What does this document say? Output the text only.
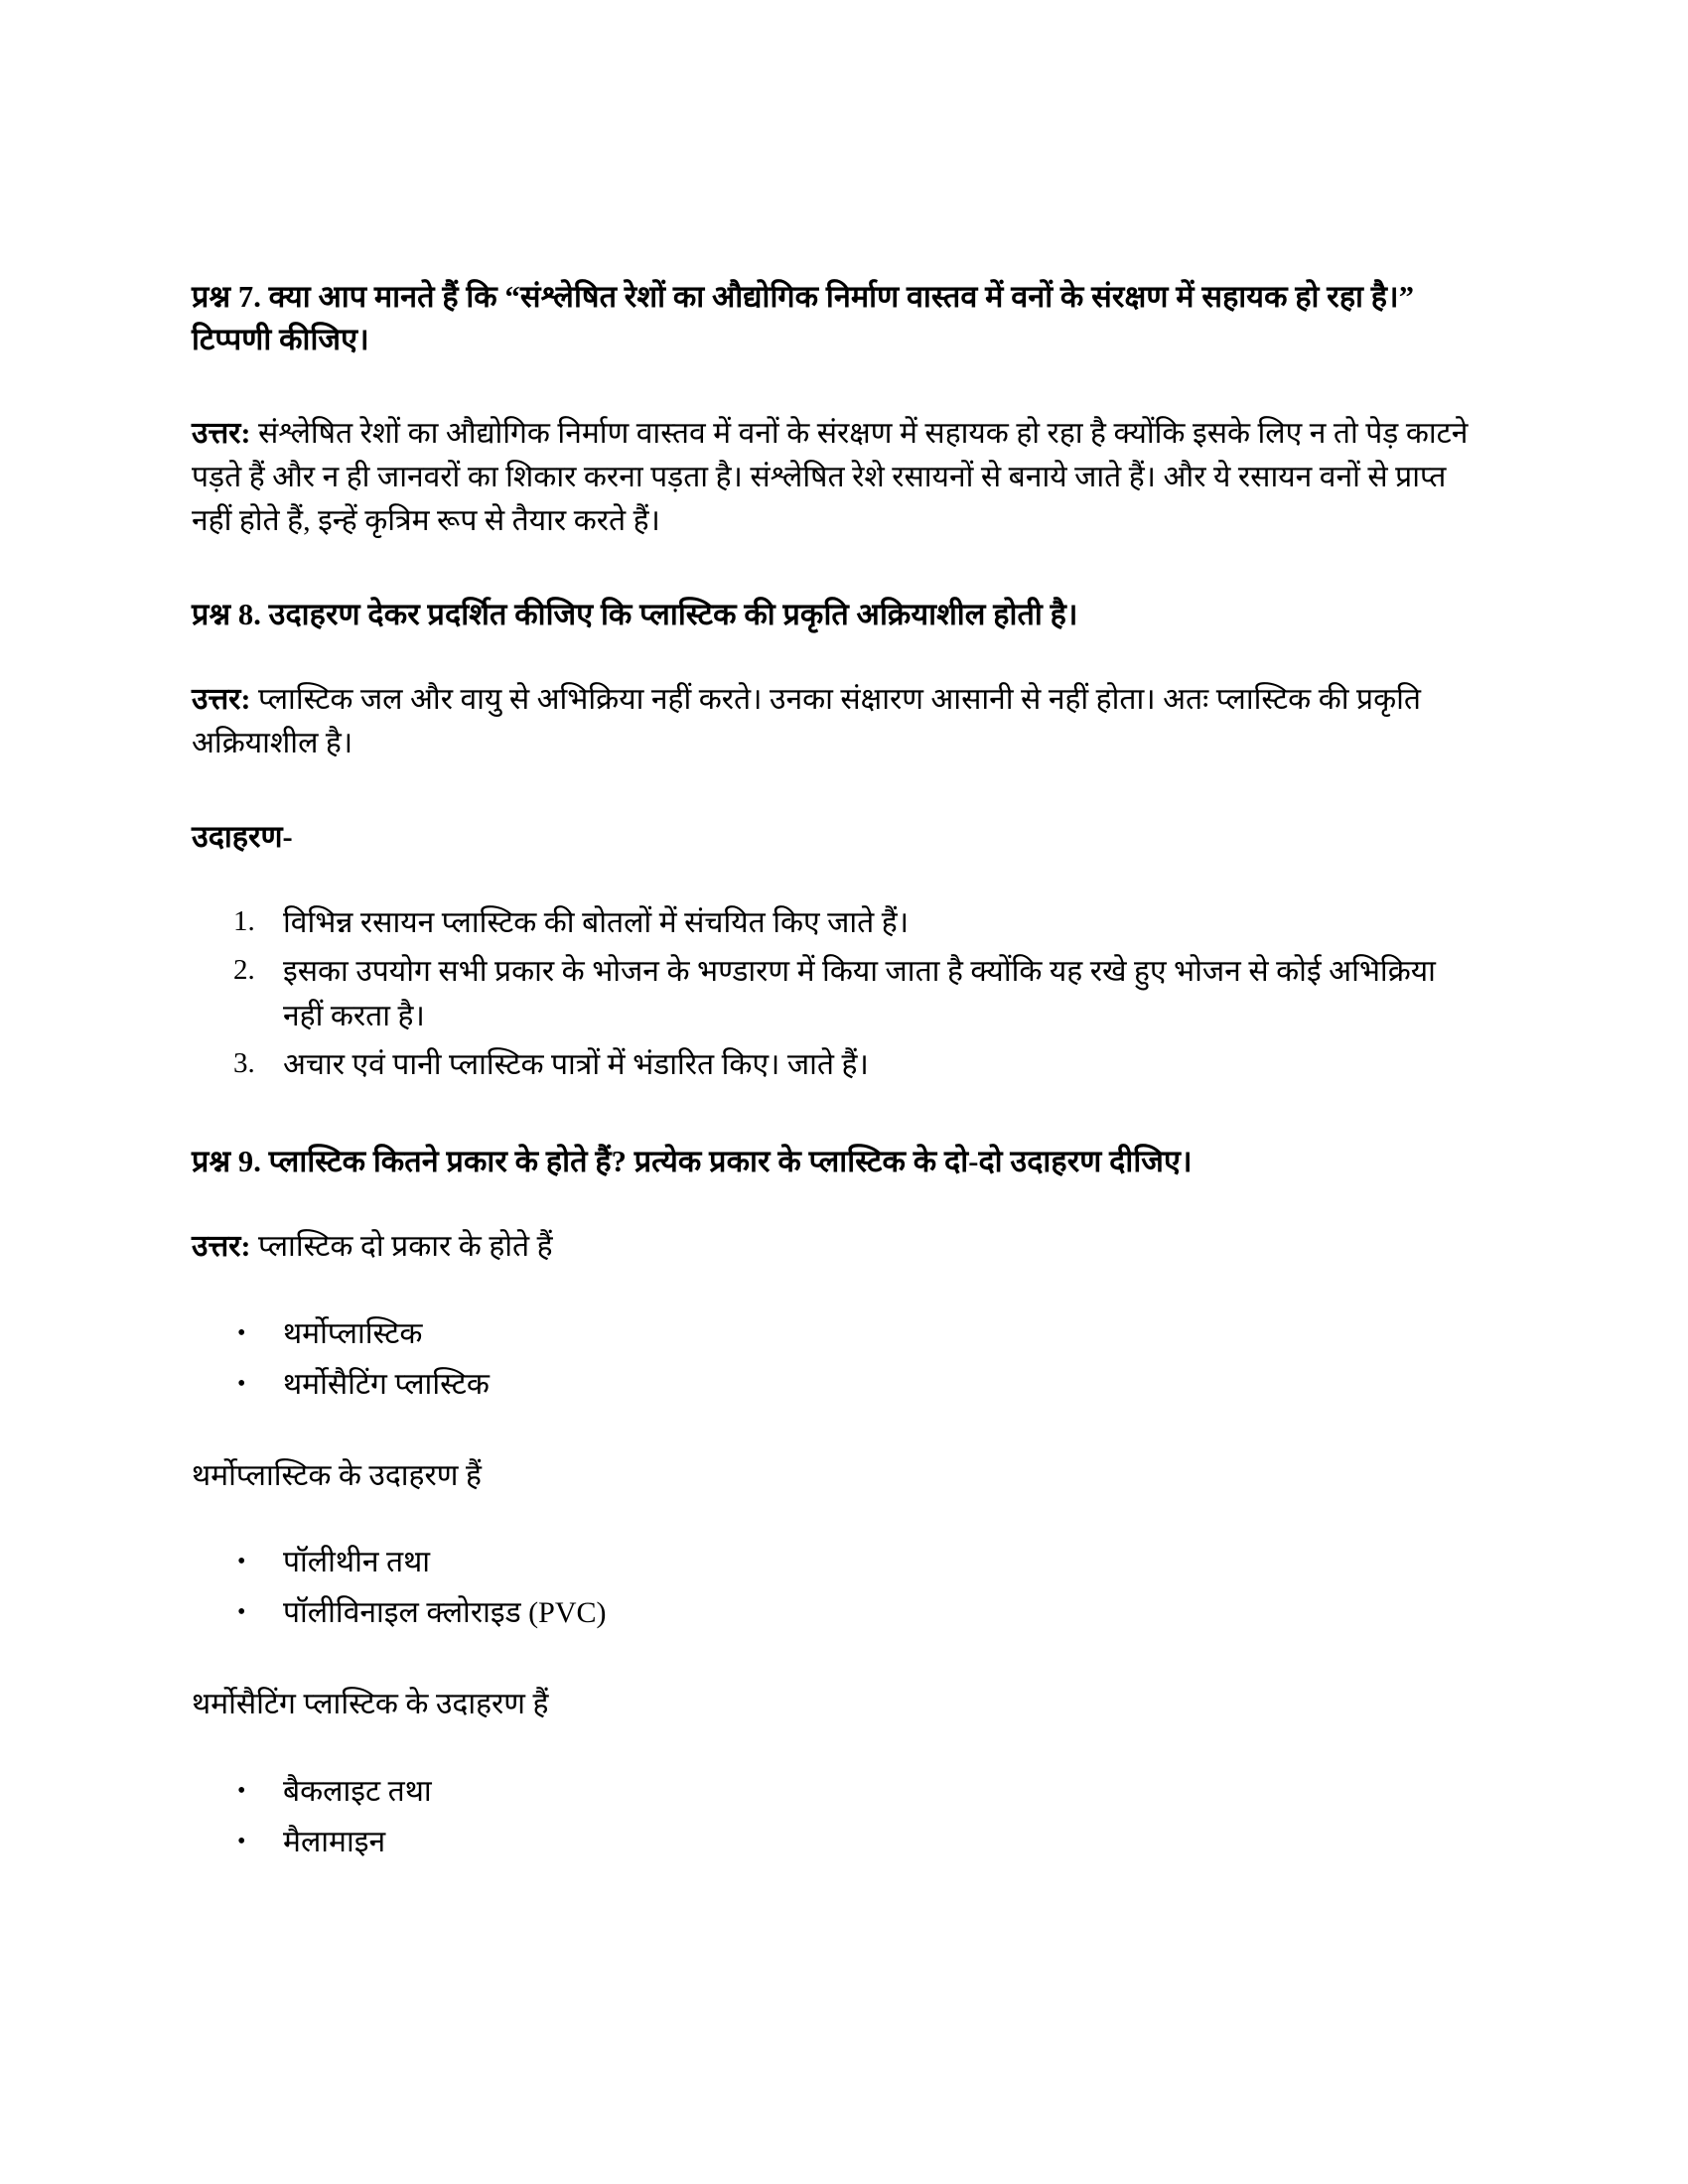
प्रश्न 7. क्या आप मानते हैं कि “संश्लेषित रेशों का औद्योगिक निर्माण वास्तव में वनों के संरक्षण में सहायक हो रहा है।” टिप्पणी कीजिए।

उत्तर: संश्लेषित रेशों का औद्योगिक निर्माण वास्तव में वनों के संरक्षण में सहायक हो रहा है क्योंकि इसके लिए न तो पेड़ काटने पड़ते हैं और न ही जानवरों का शिकार करना पड़ता है। संश्लेषित रेशे रसायनों से बनाये जाते हैं। और ये रसायन वनों से प्राप्त नहीं होते हैं, इन्हें कृत्रिम रूप से तैयार करते हैं।

प्रश्न 8. उदाहरण देकर प्रदर्शित कीजिए कि प्लास्टिक की प्रकृति अक्रियाशील होती है।

उत्तर: प्लास्टिक जल और वायु से अभिक्रिया नहीं करते। उनका संक्षारण आसानी से नहीं होता। अतः प्लास्टिक की प्रकृति अक्रियाशील है।

उदाहरण-

1. विभिन्न रसायन प्लास्टिक की बोतलों में संचयित किए जाते हैं।
2. इसका उपयोग सभी प्रकार के भोजन के भण्डारण में किया जाता है क्योंकि यह रखे हुए भोजन से कोई अभिक्रिया नहीं करता है।
3. अचार एवं पानी प्लास्टिक पात्रों में भंडारित किए। जाते हैं।

प्रश्न 9. प्लास्टिक कितने प्रकार के होते हैं? प्रत्येक प्रकार के प्लास्टिक के दो-दो उदाहरण दीजिए।

उत्तर: प्लास्टिक दो प्रकार के होते हैं

•	थर्मोप्लास्टिक
•	थर्मोसैटिंग प्लास्टिक

थर्मोप्लास्टिक के उदाहरण हैं

•	पॉलीथीन तथा
•	पॉलीविनाइल क्लोराइड (PVC)

थर्मोसैटिंग प्लास्टिक के उदाहरण हैं

•	बैकलाइट तथा
•	मैलामाइन
